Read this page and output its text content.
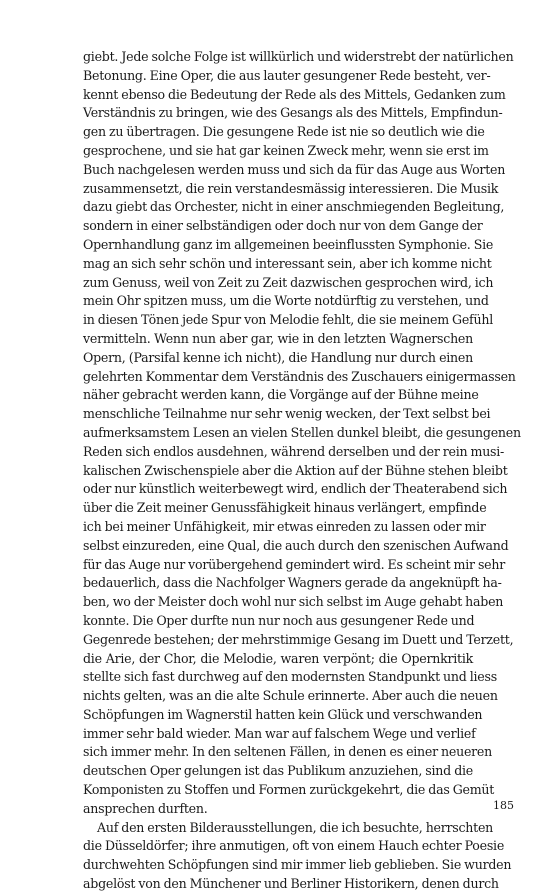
giebt. Jede solche Folge ist willkürlich und widerstrebt der natürlichen
Betonung. Eine Oper, die aus lauter gesungener Rede besteht, ver-
kennt ebenso die Bedeutung der Rede als des Mittels, Gedanken zum
Verständnis zu bringen, wie des Gesangs als des Mittels, Empfindun-
gen zu übertragen. Die gesungene Rede ist nie so deutlich wie die
gesprochene, und sie hat gar keinen Zweck mehr, wenn sie erst im
Buch nachgelesen werden muss und sich da für das Auge aus Worten
zusammensetzt, die rein verstandesmässig interessieren. Die Musik
dazu giebt das Orchester, nicht in einer anschmiegenden Begleitung,
sondern in einer selbständigen oder doch nur von dem Gange der
Opernhandlung ganz im allgemeinen beeinflussten Symphonie. Sie
mag an sich sehr schön und interessant sein, aber ich komme nicht
zum Genuss, weil von Zeit zu Zeit dazwischen gesprochen wird, ich
mein Ohr spitzen muss, um die Worte notdürftig zu verstehen, und
in diesen Tönen jede Spur von Melodie fehlt, die sie meinem Gefühl
vermitteln. Wenn nun aber gar, wie in den letzten Wagnerschen
Opern, (Parsifal kenne ich nicht), die Handlung nur durch einen
gelehrten Kommentar dem Verständnis des Zuschauers einigermassen
näher gebracht werden kann, die Vorgänge auf der Bühne meine
menschliche Teilnahme nur sehr wenig wecken, der Text selbst bei
aufmerksamstem Lesen an vielen Stellen dunkel bleibt, die gesungenen
Reden sich endlos ausdehnen, während derselben und der rein musi-
kalischen Zwischenspiele aber die Aktion auf der Bühne stehen bleibt
oder nur künstlich weiterbewegt wird, endlich der Theaterabend sich
über die Zeit meiner Genussfähigkeit hinaus verlängert, empfinde
ich bei meiner Unfähigkeit, mir etwas einreden zu lassen oder mir
selbst einzureden, eine Qual, die auch durch den szenischen Aufwand
für das Auge nur vorübergehend gemindert wird. Es scheint mir sehr
bedauerlich, dass die Nachfolger Wagners gerade da angeknüpft ha-
ben, wo der Meister doch wohl nur sich selbst im Auge gehabt haben
konnte. Die Oper durfte nun nur noch aus gesungener Rede und
Gegenrede bestehen; der mehrstimmige Gesang im Duett und Terzett,
die Arie, der Chor, die Melodie, waren verpönt; die Opernkritik
stellte sich fast durchweg auf den modernsten Standpunkt und liess
nichts gelten, was an die alte Schule erinnerte. Aber auch die neuen
Schöpfungen im Wagnerstil hatten kein Glück und verschwanden
immer sehr bald wieder. Man war auf falschem Wege und verlief
sich immer mehr. In den seltenen Fällen, in denen es einer neueren
deutschen Oper gelungen ist das Publikum anzuziehen, sind die
Komponisten zu Stoffen und Formen zurückgekehrt, die das Gemüt
ansprechen durften.
Auf den ersten Bilderausstellungen, die ich besuchte, herrschten
die Düsseldörfer; ihre anmutigen, oft von einem Hauch echter Poesie
durchwehten Schöpfungen sind mir immer lieb geblieben. Sie wurden
abgelöst von den Münchener und Berliner Historikern, denen durch
185
